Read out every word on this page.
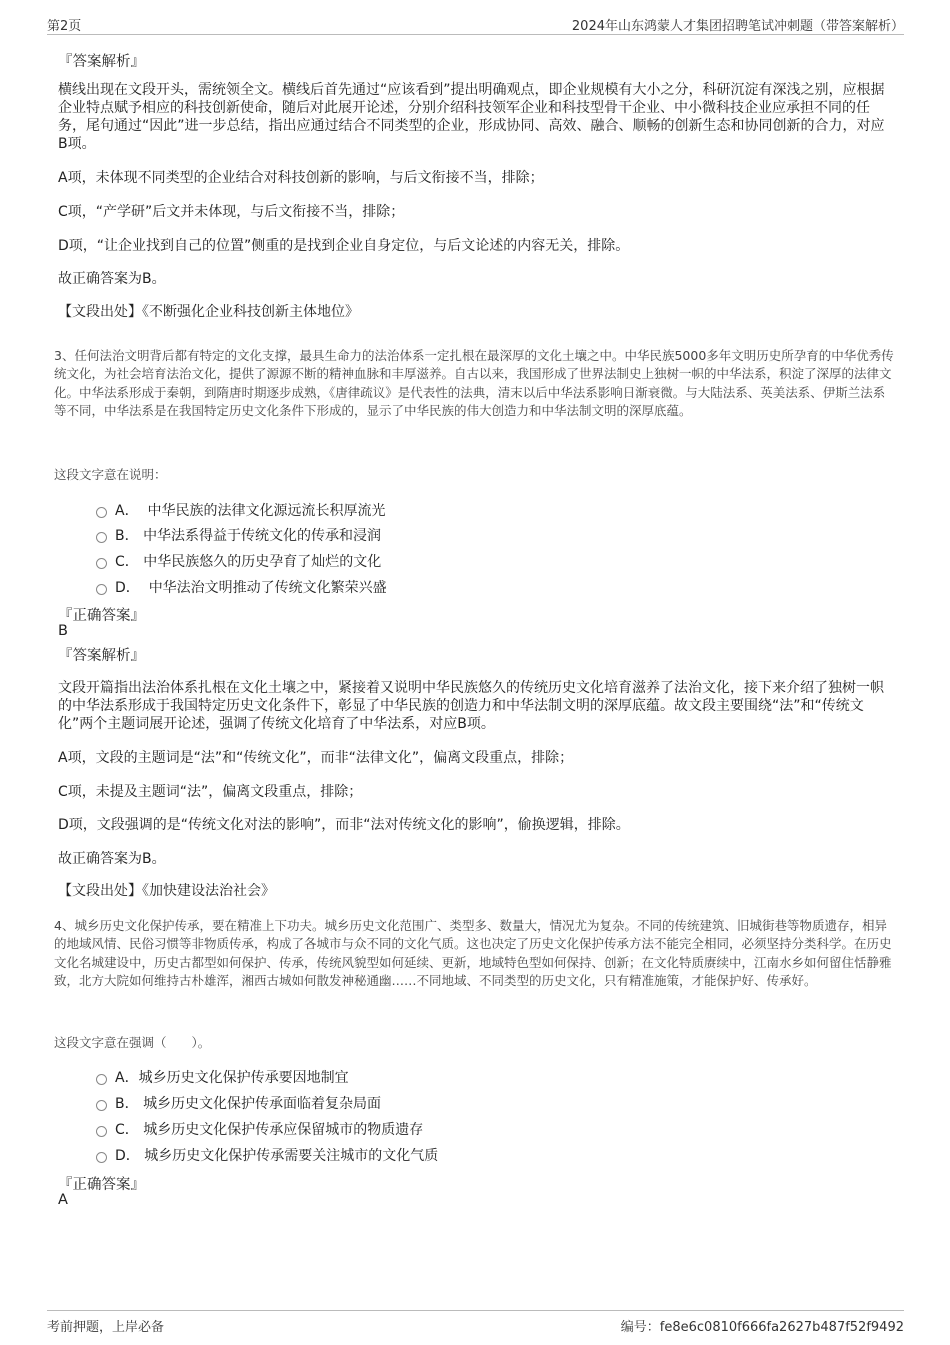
第2页	2024年山东鸿蒙人才集团招聘笔试冲刺题（带答案解析）
『答案解析』

横线出现在文段开头，需统领全文。横线后首先通过“应该看到”提出明确观点，即企业规模有大小之分，科研沉淀有深浅之别，应根据企业特点赋予相应的科技创新使命，随后对此展开论述，分别介绍科技领军企业和科技型骨干企业、中小微科技企业应承担不同的任务，尾句通过“因此”进一步总结，指出应通过结合不同类型的企业，形成协同、高效、融合、顺畅的创新生态和协同创新的合力，对应B项。

A项，未体现不同类型的企业结合对科技创新的影响，与后文衔接不当，排除；

C项，“产学研”后文并未体现，与后文衔接不当，排除；

D项，“让企业找到自己的位置”侧重的是找到企业自身定位，与后文论述的内容无关，排除。

故正确答案为B。

【文段出处】《不断强化企业科技创新主体地位》

3、任何法治文明背后都有特定的文化支撑，最具生命力的法治体系一定扎根在最深厚的文化土壤之中。中华民族5000多年文明历史所孕育的中华优秀传统文化，为社会培育法治文化，提供了源源不断的精神血脉和丰厚滋养。自古以来，我国形成了世界法制史上独树一帜的中华法系，积淀了深厚的法律文化。中华法系形成于秦朝，到隋唐时期逐步成熟，《唐律疏议》是代表性的法典，清末以后中华法系影响日渐衰微。与大陆法系、英美法系、伊斯兰法系等不同，中华法系是在我国特定历史文化条件下形成的，显示了中华民族的伟大创造力和中华法制文明的深厚底蕴。

这段文字意在说明：

A． 中华民族的法律文化源远流长积厚流光
B． 中华法系得益于传统文化的传承和浸润
C． 中华民族悠久的历史孕育了灿烂的文化
D． 中华法治文明推动了传统文化繁荣兴盛
『正确答案』
B
『答案解析』

文段开篇指出法治体系扎根在文化土壤之中，紧接着又说明中华民族悠久的传统历史文化培育滋养了法治文化，接下来介绍了独树一帜的中华法系形成于我国特定历史文化条件下，彰显了中华民族的创造力和中华法制文明的深厚底蕴。故文段主要围绕“法”和“传统文化”两个主题词展开论述，强调了传统文化培育了中华法系，对应B项。

A项，文段的主题词是“法”和“传统文化”，而非“法律文化”，偏离文段重点，排除；

C项，未提及主题词“法”，偏离文段重点，排除；

D项，文段强调的是“传统文化对法的影响”，而非“法对传统文化的影响”，偷换逻辑，排除。

故正确答案为B。

【文段出处】《加快建设法治社会》

4、城乡历史文化保护传承，要在精准上下功夫。城乡历史文化范围广、类型多、数量大，情况尤为复杂。不同的传统建筑、旧城街巷等物质遗存，相异的地域风情、民俗习惯等非物质传承，构成了各城市与众不同的文化气质。这也决定了历史文化保护传承方法不能完全相同，必须坚持分类科学。在历史文化名城建设中，历史古都型如何保护、传承，传统风貌型如何延续、更新，地域特色型如何保持、创新；在文化特质赓续中，江南水乡如何留住恬静雅致，北方大院如何维持古朴雄浑，湘西古城如何散发神秘通幽……不同地域、不同类型的历史文化，只有精准施策，才能保护好、传承好。

这段文字意在强调（　　）。

A．城乡历史文化保护传承要因地制宜
B． 城乡历史文化保护传承面临着复杂局面
C． 城乡历史文化保护传承应保留城市的物质遗存
D． 城乡历史文化保护传承需要关注城市的文化气质
『正确答案』
A
考前押题，上岸必备	编号：fe8e6c0810f666fa2627b487f52f9492
